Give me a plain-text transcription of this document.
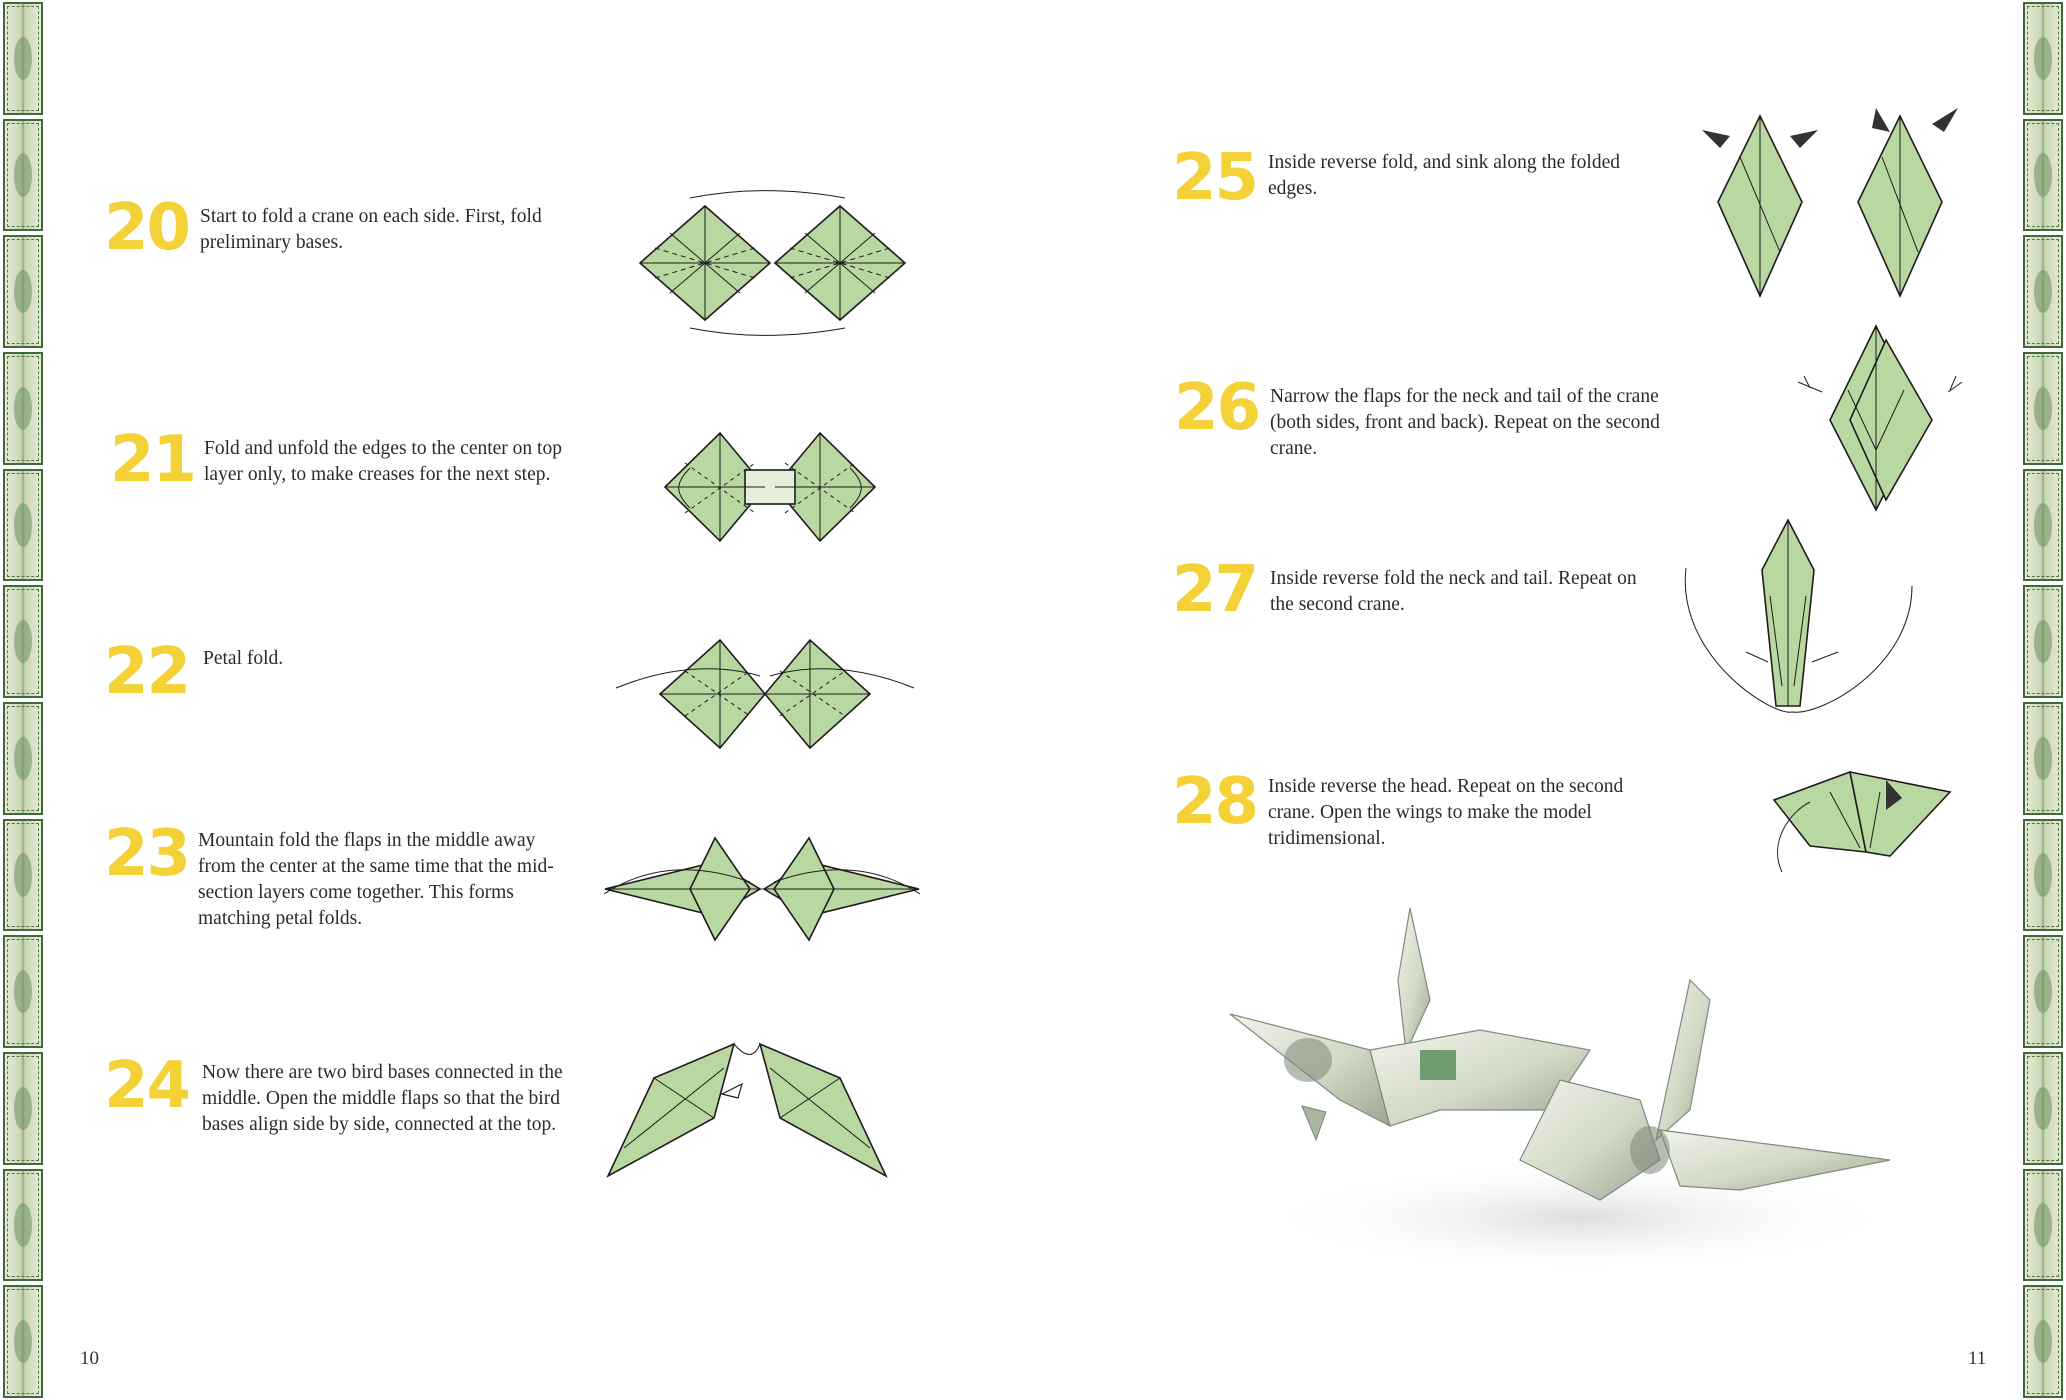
20 Start to fold a crane on each side. First, fold preliminary bases.
21 Fold and unfold the edges to the center on top layer only, to make creases for the next step.
22 Petal fold.
23 Mountain fold the flaps in the middle away from the center at the same time that the mid-section layers come together. This forms matching petal folds.
24 Now there are two bird bases connected in the middle. Open the middle flaps so that the bird bases align side by side, connected at the top.
10
25 Inside reverse fold, and sink along the folded edges.
26 Narrow the flaps for the neck and tail of the crane (both sides, front and back). Repeat on the second crane.
27 Inside reverse fold the neck and tail. Repeat on the second crane.
28 Inside reverse the head. Repeat on the second crane. Open the wings to make the model tridimensional.
11
